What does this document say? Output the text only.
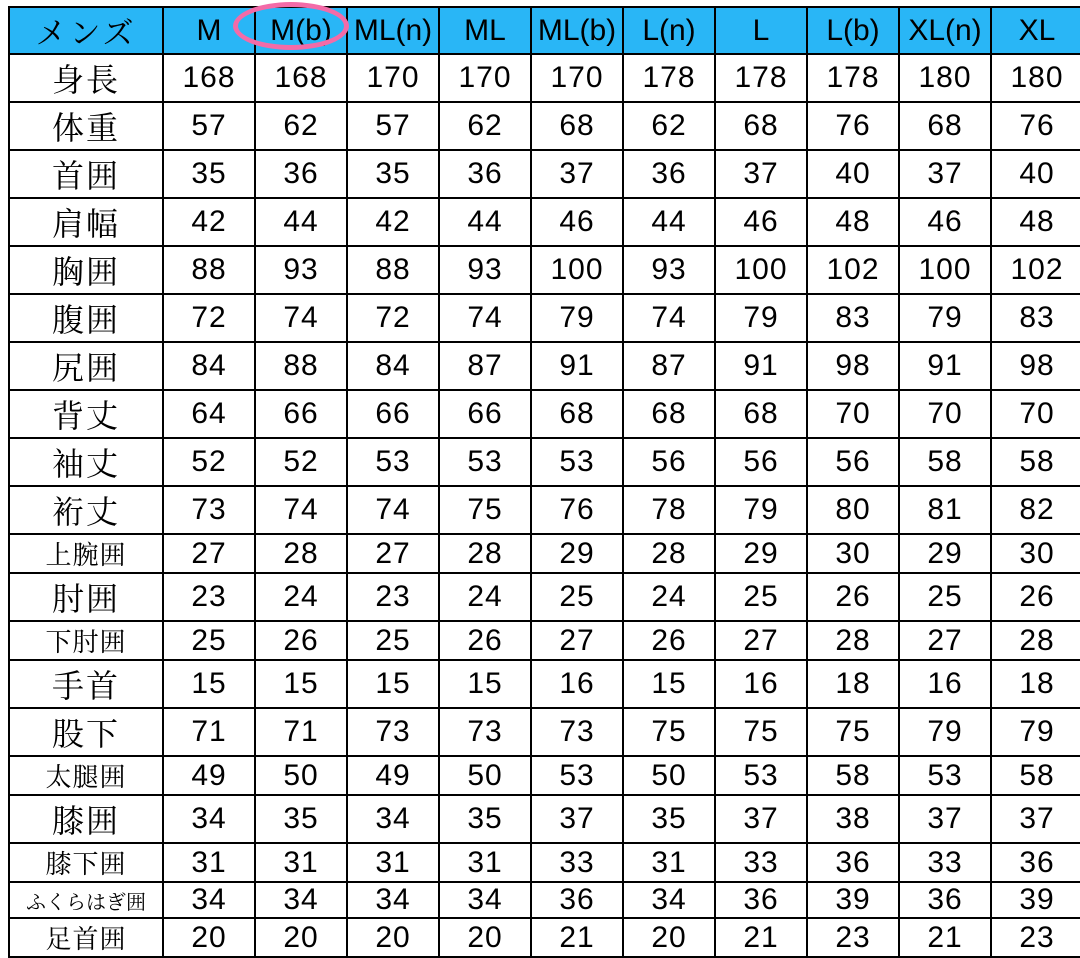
メンズ	M	M(b)	ML(n)	ML	ML(b)	L(n)	L	L(b)	XL(n)	XL
身長	168	168	170	170	170	178	178	178	180	180
体重	57	62	57	62	68	62	68	76	68	76
首囲	35	36	35	36	37	36	37	40	37	40
肩幅	42	44	42	44	46	44	46	48	46	48
胸囲	88	93	88	93	100	93	100	102	100	102
腹囲	72	74	72	74	79	74	79	83	79	83
尻囲	84	88	84	87	91	87	91	98	91	98
背丈	64	66	66	66	68	68	68	70	70	70
袖丈	52	52	53	53	53	56	56	56	58	58
裄丈	73	74	74	75	76	78	79	80	81	82
上腕囲	27	28	27	28	29	28	29	30	29	30
肘囲	23	24	23	24	25	24	25	26	25	26
下肘囲	25	26	25	26	27	26	27	28	27	28
手首	15	15	15	15	16	15	16	18	16	18
股下	71	71	73	73	73	75	75	75	79	79
太腿囲	49	50	49	50	53	50	53	58	53	58
膝囲	34	35	34	35	37	35	37	38	37	37
膝下囲	31	31	31	31	33	31	33	36	33	36
ふくらはぎ囲	34	34	34	34	36	34	36	39	36	39
足首囲	20	20	20	20	21	20	21	23	21	23
